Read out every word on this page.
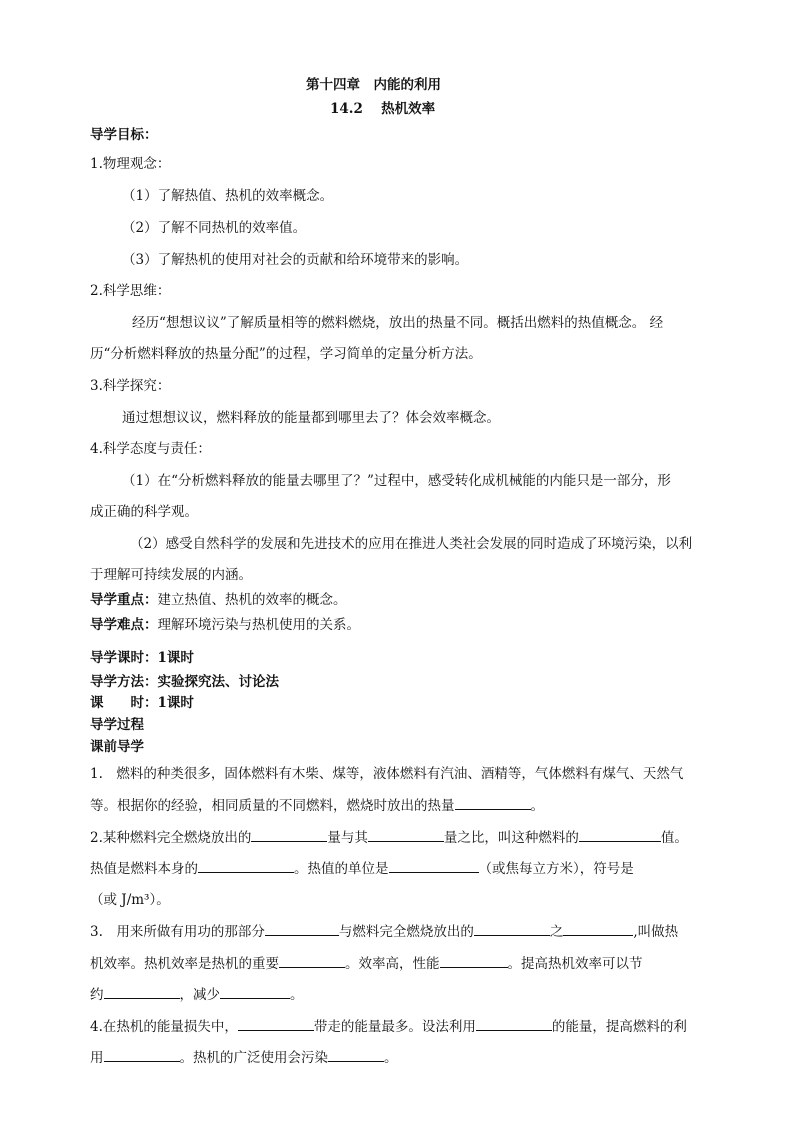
第十四章　内能的利用
14.2　 热机效率
导学目标：
1.物理观念：
（1）了解热值、热机的效率概念。
（2）了解不同热机的效率值。
（3）了解热机的使用对社会的贡献和给环境带来的影响。
2.科学思维：
经历“想想议议”了解质量相等的燃料燃烧，放出的热量不同。概括出燃料的热值概念。 经
历“分析燃料释放的热量分配”的过程，学习简单的定量分析方法。
3.科学探究：
通过想想议议，燃料释放的能量都到哪里去了？体会效率概念。
4.科学态度与责任：
（1）在“分析燃料释放的能量去哪里了？”过程中，感受转化成机械能的内能只是一部分，形
成正确的科学观。
（2）感受自然科学的发展和先进技术的应用在推进人类社会发展的同时造成了环境污染，以利
于理解可持续发展的内涵。
导学重点：建立热值、热机的效率的概念。
导学难点：理解环境污染与热机使用的关系。
导学课时：1课时
导学方法：实验探究法、讨论法
课　　时：1课时
导学过程
课前导学
1.　燃料的种类很多，固体燃料有木柴、煤等，液体燃料有汽油、酒精等，气体燃料有煤气、天然气
等。根据你的经验，相同质量的不同燃料，燃烧时放出的热量	。
2.某种燃料完全燃烧放出的	量与其	量之比，叫这种燃料的	值。
热值是燃料本身的	。热值的单位是	（或焦每立方米），符号是
（或 J/m³）。
3.　用来所做有用功的那部分	与燃料完全燃烧放出的	之	,叫做热
机效率。热机效率是热机的重要	。效率高，性能	。提高热机效率可以节
约	，减少	。
4.在热机的能量损失中，	带走的能量最多。设法利用	的能量，提高燃料的利
用	。热机的广泛使用会污染	。
